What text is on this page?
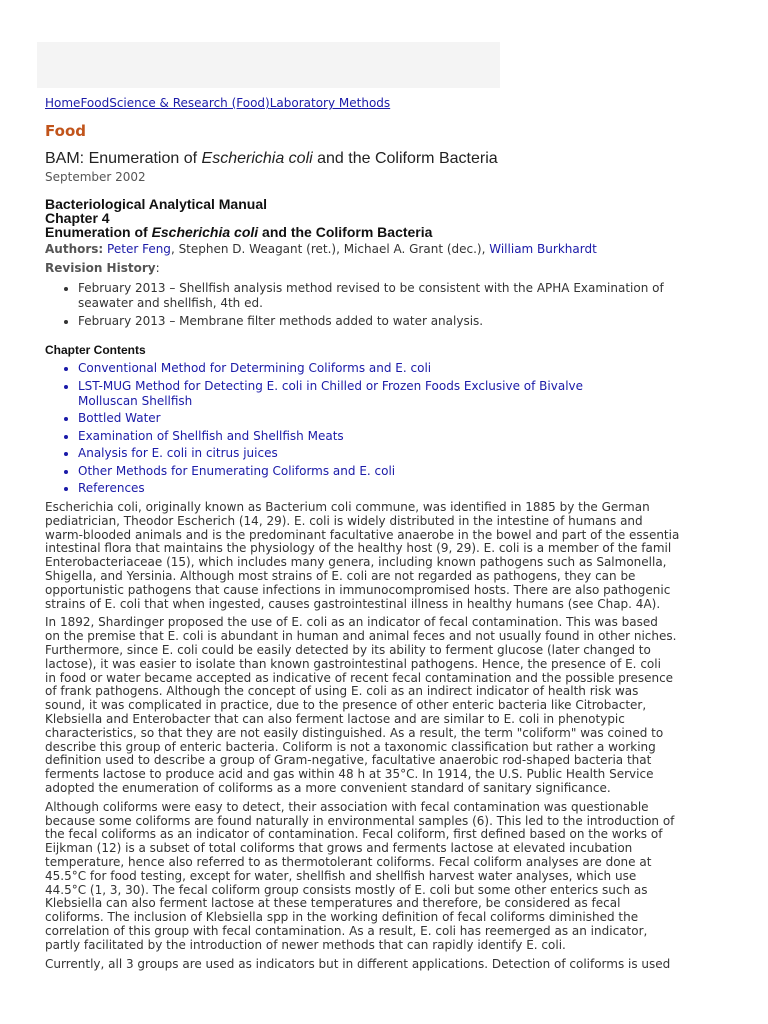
HomeFoodScience & Research (Food)Laboratory Methods
Food
BAM: Enumeration of Escherichia coli and the Coliform Bacteria
September 2002
Bacteriological Analytical Manual
Chapter 4
Enumeration of Escherichia coli and the Coliform Bacteria
Authors: Peter Feng, Stephen D. Weagant (ret.), Michael A. Grant (dec.), William Burkhardt
Revision History:
• February 2013 – Shellfish analysis method revised to be consistent with the APHA Examination of
seawater and shellfish, 4th ed.
• February 2013 – Membrane filter methods added to water analysis.
Chapter Contents
• Conventional Method for Determining Coliforms and E. coli
• LST-MUG Method for Detecting E. coli in Chilled or Frozen Foods Exclusive of Bivalve
Molluscan Shellfish
• Bottled Water
• Examination of Shellfish and Shellfish Meats
• Analysis for E. coli in citrus juices
• Other Methods for Enumerating Coliforms and E. coli
• References

Escherichia coli, originally known as Bacterium coli commune, was identified in 1885 by the German
pediatrician, Theodor Escherich (14, 29). E. coli is widely distributed in the intestine of humans and
warm-blooded animals and is the predominant facultative anaerobe in the bowel and part of the essentia
intestinal flora that maintains the physiology of the healthy host (9, 29). E. coli is a member of the famil
Enterobacteriaceae (15), which includes many genera, including known pathogens such as Salmonella,
Shigella, and Yersinia. Although most strains of E. coli are not regarded as pathogens, they can be
opportunistic pathogens that cause infections in immunocompromised hosts. There are also pathogenic
strains of E. coli that when ingested, causes gastrointestinal illness in healthy humans (see Chap. 4A).

In 1892, Shardinger proposed the use of E. coli as an indicator of fecal contamination. This was based
on the premise that E. coli is abundant in human and animal feces and not usually found in other niches.
Furthermore, since E. coli could be easily detected by its ability to ferment glucose (later changed to
lactose), it was easier to isolate than known gastrointestinal pathogens. Hence, the presence of E. coli
in food or water became accepted as indicative of recent fecal contamination and the possible presence
of frank pathogens. Although the concept of using E. coli as an indirect indicator of health risk was
sound, it was complicated in practice, due to the presence of other enteric bacteria like Citrobacter,
Klebsiella and Enterobacter that can also ferment lactose and are similar to E. coli in phenotypic
characteristics, so that they are not easily distinguished. As a result, the term "coliform" was coined to
describe this group of enteric bacteria. Coliform is not a taxonomic classification but rather a working
definition used to describe a group of Gram-negative, facultative anaerobic rod-shaped bacteria that
ferments lactose to produce acid and gas within 48 h at 35°C. In 1914, the U.S. Public Health Service
adopted the enumeration of coliforms as a more convenient standard of sanitary significance.

Although coliforms were easy to detect, their association with fecal contamination was questionable
because some coliforms are found naturally in environmental samples (6). This led to the introduction of
the fecal coliforms as an indicator of contamination. Fecal coliform, first defined based on the works of
Eijkman (12) is a subset of total coliforms that grows and ferments lactose at elevated incubation
temperature, hence also referred to as thermotolerant coliforms. Fecal coliform analyses are done at
45.5°C for food testing, except for water, shellfish and shellfish harvest water analyses, which use
44.5°C (1, 3, 30). The fecal coliform group consists mostly of E. coli but some other enterics such as
Klebsiella can also ferment lactose at these temperatures and therefore, be considered as fecal
coliforms. The inclusion of Klebsiella spp in the working definition of fecal coliforms diminished the
correlation of this group with fecal contamination. As a result, E. coli has reemerged as an indicator,
partly facilitated by the introduction of newer methods that can rapidly identify E. coli.

Currently, all 3 groups are used as indicators but in different applications. Detection of coliforms is used
